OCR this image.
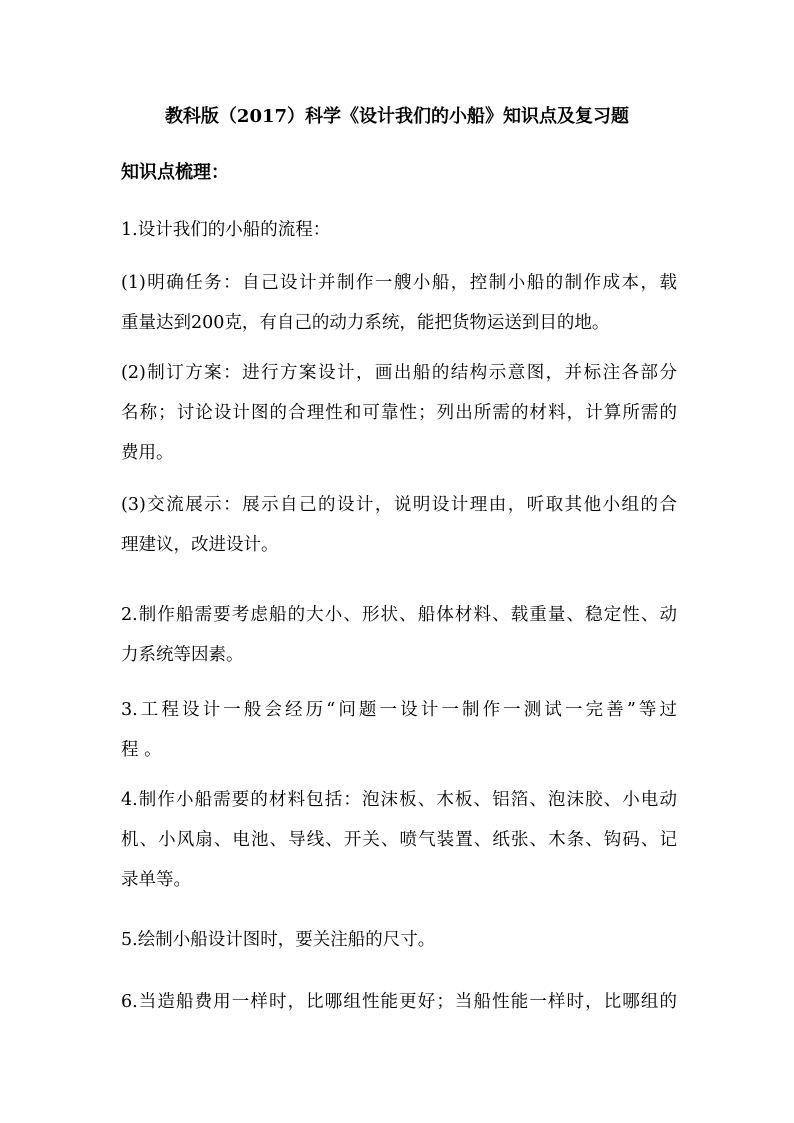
教科版（2017）科学《设计我们的小船》知识点及复习题
知识点梳理：
1.设计我们的小船的流程：
(1)明确任务：自己设计并制作一艘小船，控制小船的制作成本，载
重量达到200克，有自己的动力系统，能把货物运送到目的地。
(2)制订方案：进行方案设计，画出船的结构示意图，并标注各部分
名称；讨论设计图的合理性和可靠性；列出所需的材料，计算所需的
费用。
(3)交流展示：展示自己的设计，说明设计理由，听取其他小组的合
理建议，改进设计。
2.制作船需要考虑船的大小、形状、船体材料、载重量、稳定性、动
力系统等因素。
3.工程设计一般会经历“问题一设计一制作一测试一完善”等过
程 。
4.制作小船需要的材料包括：泡沫板、木板、铝箔、泡沫胶、小电动
机、小风扇、电池、导线、开关、喷气装置、纸张、木条、钩码、记
录单等。
5.绘制小船设计图时，要关注船的尺寸。
6.当造船费用一样时，比哪组性能更好；当船性能一样时，比哪组的
